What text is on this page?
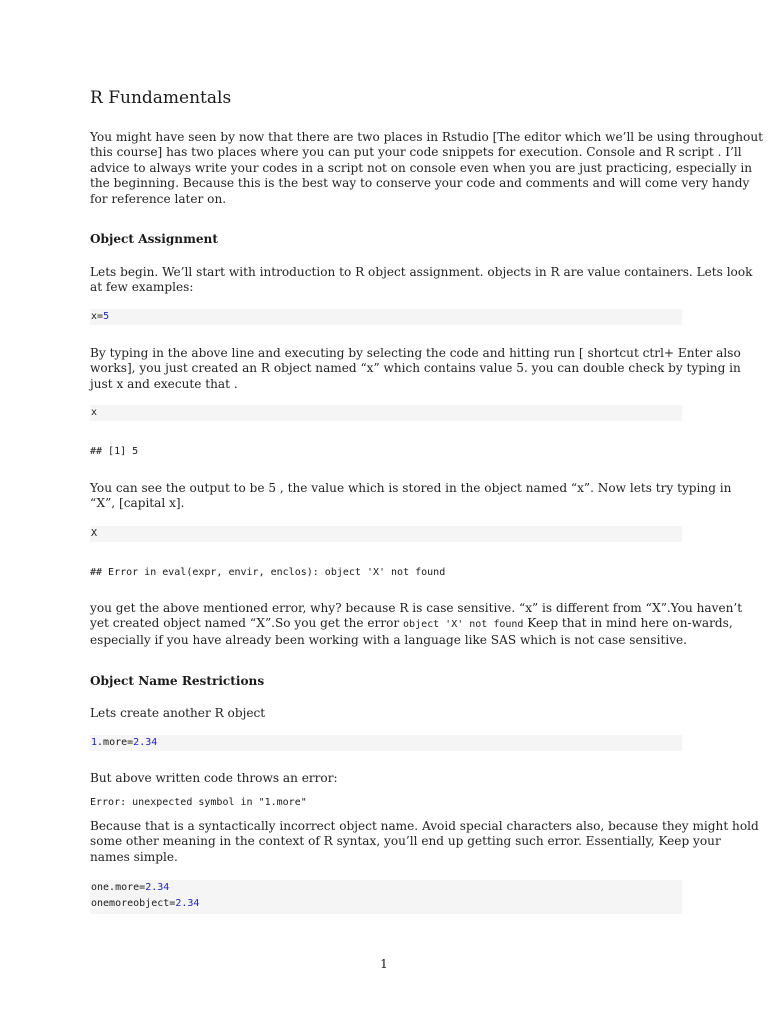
R Fundamentals

You might have seen by now that there are two places in Rstudio [The editor which we’ll be using throughout
this course] has two places where you can put your code snippets for execution. Console and R script . I’ll
advice to always write your codes in a script not on console even when you are just practicing, especially in
the beginning. Because this is the best way to conserve your code and comments and will come very handy
for reference later on.

Object Assignment

Lets begin. We’ll start with introduction to R object assignment. objects in R are value containers. Lets look
at few examples:

x=5

By typing in the above line and executing by selecting the code and hitting run [ shortcut ctrl+ Enter also
works], you just created an R object named “x” which contains value 5. you can double check by typing in
just x and execute that .

x
## [1] 5

You can see the output to be 5 , the value which is stored in the object named “x”. Now lets try typing in
“X”, [capital x].

X
## Error in eval(expr, envir, enclos): object 'X' not found

you get the above mentioned error, why? because R is case sensitive. “x” is different from “X”.You haven’t
yet created object named “X”.So you get the error object 'X' not found Keep that in mind here on-wards,
especially if you have already been working with a language like SAS which is not case sensitive.

Object Name Restrictions

Lets create another R object

1.more=2.34

But above written code throws an error:

Error: unexpected symbol in "1.more"

Because that is a syntactically incorrect object name. Avoid special characters also, because they might hold
some other meaning in the context of R syntax, you’ll end up getting such error. Essentially, Keep your
names simple.

one.more=2.34
onemoreobject=2.34
1
